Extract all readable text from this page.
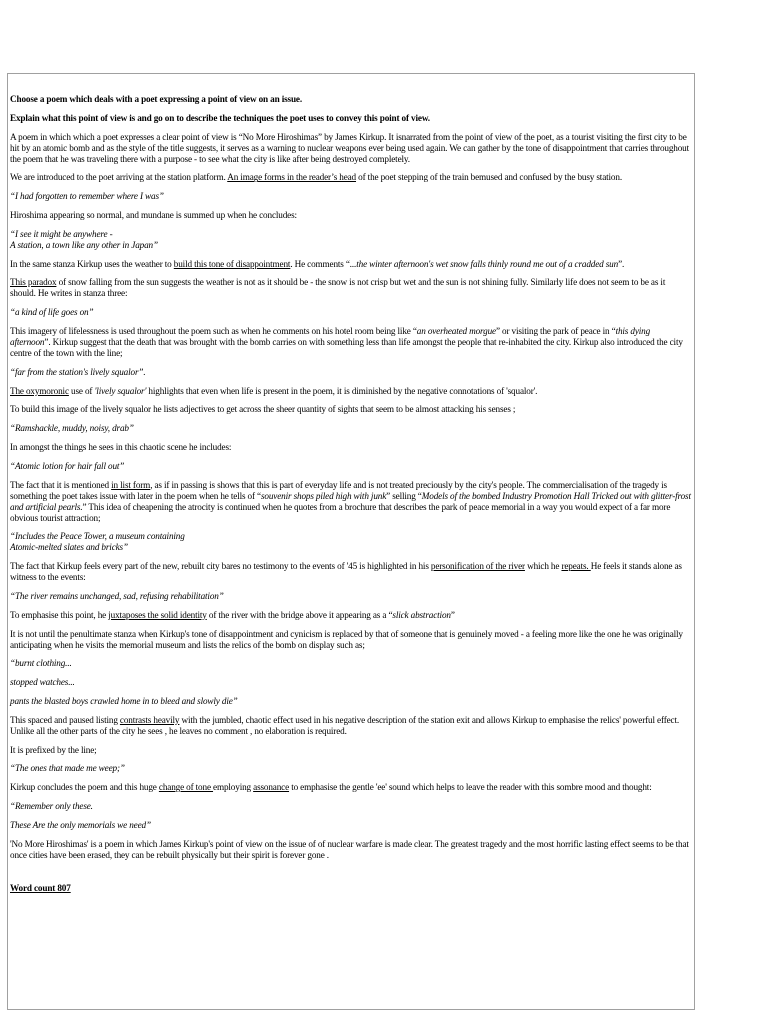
Choose a poem which deals with a poet expressing a point of view on an issue.

Explain what this point of view is and go on to describe the techniques the poet uses to convey this point of view.

A poem in which which a poet expresses a clear point of view is “No More Hiroshimas” by James Kirkup. It isnarrated from the point of view of the poet, as a tourist visiting the first city to be hit by an atomic bomb and as the style of the title suggests, it serves as a warning to nuclear weapons ever being used again. We can gather by the tone of disappointment that carries throughout the poem that he was traveling there with a purpose - to see what the city is like after being destroyed completely.

We are introduced to the poet arriving at the station platform. An image forms in the reader’s head of the poet stepping of the train bemused and confused by the busy station.

“I had forgotten to remember where I was”

Hiroshima appearing so normal, and mundane is summed up when he concludes:

“I see it might be anywhere -
A station, a town like any other in Japan”

In the same stanza Kirkup uses the weather to build this tone of disappointment. He comments “...the winter afternoon's wet snow falls thinly round me out of a cradded sun”.

This paradox of snow falling from the sun suggests the weather is not as it should be - the snow is not crisp but wet and the sun is not shining fully. Similarly life does not seem to be as it should. He writes in stanza three:

“a kind of life goes on”

This imagery of lifelessness is used throughout the poem such as when he comments on his hotel room being like “an overheated morgue” or visiting the park of peace in “this dying afternoon”. Kirkup suggest that the death that was brought with the bomb carries on with something less than life amongst the people that re-inhabited the city. Kirkup also introduced the city centre of the town with the line;

“far from the station's lively squalor”.

The oxymoronic use of 'lively squalor' highlights that even when life is present in the poem, it is diminished by the negative connotations of 'squalor'.

To build this image of the lively squalor he lists adjectives to get across the sheer quantity of sights that seem to be almost attacking his senses ;

“Ramshackle, muddy, noisy, drab”

In amongst the things he sees in this chaotic scene he includes:

“Atomic lotion for hair fall out”

The fact that it is mentioned in list form, as if in passing is shows that this is part of everyday life and is not treated preciously by the city's people. The commercialisation of the tragedy is something the poet takes issue with later in the poem when he tells of “souvenir shops piled high with junk” selling “Models of the bombed Industry Promotion Hall Tricked out with glitter-frost and artificial pearls.” This idea of cheapening the atrocity is continued when he quotes from a brochure that describes the park of peace memorial in a way you would expect of a far more obvious tourist attraction;

“Includes the Peace Tower, a museum containing
Atomic-melted slates and bricks”

The fact that Kirkup feels every part of the new, rebuilt city bares no testimony to the events of '45 is highlighted in his personification of the river which he repeats. He feels it stands alone as witness to the events:

“The river remains unchanged, sad, refusing rehabilitation”

To emphasise this point, he juxtaposes the solid identity of the river with the bridge above it appearing as a “slick abstraction”

It is not until the penultimate stanza when Kirkup's tone of disappointment and cynicism is replaced by that of someone that is genuinely moved - a feeling more like the one he was originally anticipating when he visits the memorial museum and lists the relics of the bomb on display such as;

“burnt clothing...

stopped watches...

pants the blasted boys crawled home in to bleed and slowly die”

This spaced and paused listing contrasts heavily with the jumbled, chaotic effect used in his negative description of the station exit and allows Kirkup to emphasise the relics' powerful effect. Unlike all the other parts of the city he sees , he leaves no comment , no elaboration is required.

It is prefixed by the line;

“The ones that made me weep;”

Kirkup concludes the poem and this huge change of tone employing assonance to emphasise the gentle 'ee' sound which helps to leave the reader with this sombre mood and thought:

“Remember only these.

These Are the only memorials we need”

'No More Hiroshimas' is a poem in which James Kirkup's point of view on the issue of of nuclear warfare is made clear. The greatest tragedy and the most horrific lasting effect seems to be that once cities have been erased, they can be rebuilt physically but their spirit is forever gone .

Word count 807
